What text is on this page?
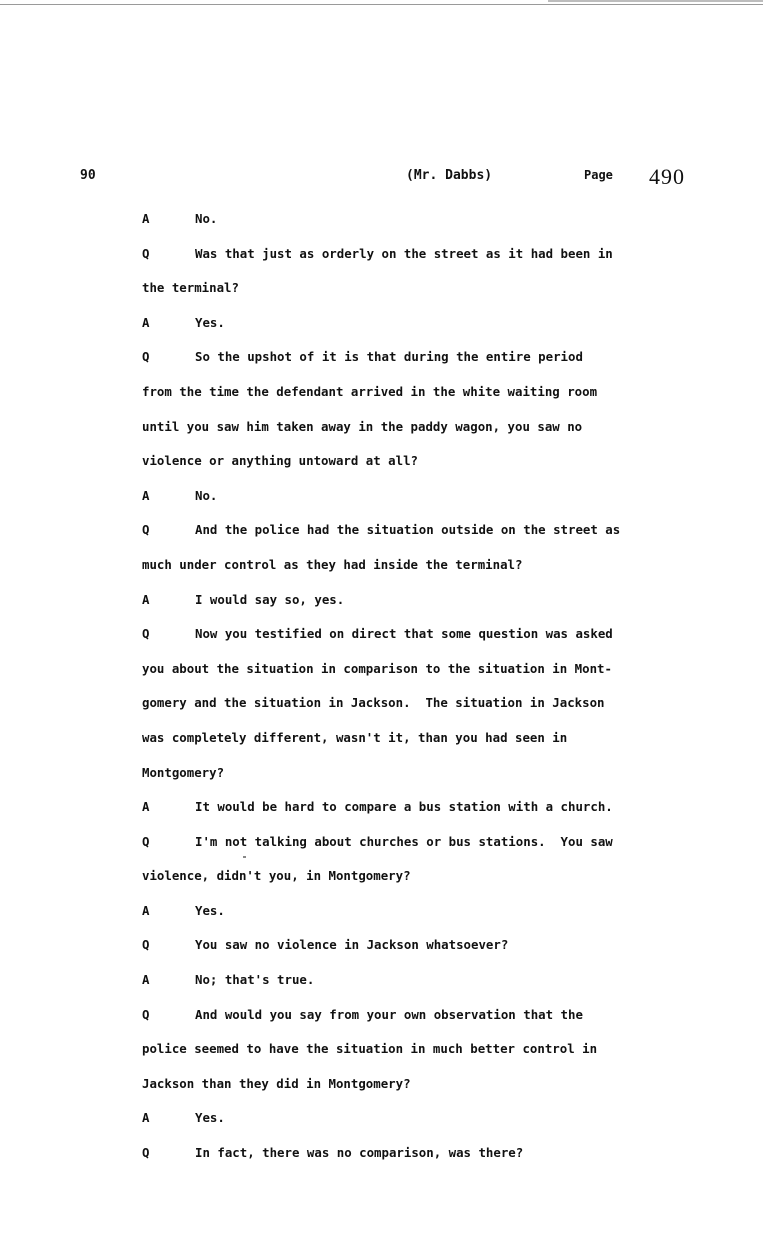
90	(Mr. Dabbs)	Page 490
A	No.
Q	Was that just as orderly on the street as it had been in
the terminal?
A	Yes.
Q	So the upshot of it is that during the entire period
from the time the defendant arrived in the white waiting room
until you saw him taken away in the paddy wagon, you saw no
violence or anything untoward at all?
A	No.
Q	And the police had the situation outside on the street as
much under control as they had inside the terminal?
A	I would say so, yes.
Q	Now you testified on direct that some question was asked
you about the situation in comparison to the situation in Mont-
gomery and the situation in Jackson.  The situation in Jackson
was completely different, wasn't it, than you had seen in
Montgomery?
A	It would be hard to compare a bus station with a church.
Q	I'm not talking about churches or bus stations.  You saw
violence, didn't you, in Montgomery?
A	Yes.
Q	You saw no violence in Jackson whatsoever?
A	No; that's true.
Q	And would you say from your own observation that the
police seemed to have the situation in much better control in
Jackson than they did in Montgomery?
A	Yes.
Q	In fact, there was no comparison, was there?
